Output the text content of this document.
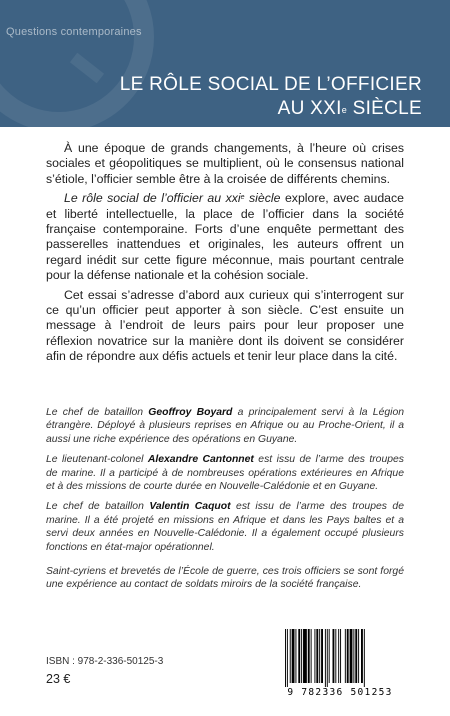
Questions contemporaines
LE RÔLE SOCIAL DE L’OFFICIER
AU XXIe SIÈCLE

À une époque de grands changements, à l’heure où crises sociales et géopolitiques se multiplient, où le consensus national s’étiole, l’officier semble être à la croisée de différents chemins.

Le rôle social de l’officier au xxi$^e$ siècle explore, avec audace et liberté intellectuelle, la place de l’officier dans la société française contemporaine. Forts d’une enquête permettant des passerelles inattendues et originales, les auteurs offrent un regard inédit sur cette figure méconnue, mais pourtant centrale pour la défense nationale et la cohésion sociale.

Cet essai s’adresse d’abord aux curieux qui s’interrogent sur ce qu’un officier peut apporter à son siècle. C’est ensuite un message à l’endroit de leurs pairs pour leur proposer une réflexion novatrice sur la manière dont ils doivent se considérer afin de répondre aux défis actuels et tenir leur place dans la cité.

Le chef de bataillon Geoffroy Boyard a principalement servi à la Légion étrangère. Déployé à plusieurs reprises en Afrique ou au Proche-Orient, il a aussi une riche expérience des opérations en Guyane.

Le lieutenant-colonel Alexandre Cantonnet est issu de l’arme des troupes de marine. Il a participé à de nombreuses opérations extérieures en Afrique et à des missions de courte durée en Nouvelle-Calédonie et en Guyane.

Le chef de bataillon Valentin Caquot est issu de l’arme des troupes de marine. Il a été projeté en missions en Afrique et dans les Pays baltes et a servi deux années en Nouvelle-Calédonie. Il a également occupé plusieurs fonctions en état-major opérationnel.

Saint-cyriens et brevetés de l’École de guerre, ces trois officiers se sont forgé une expérience au contact de soldats miroirs de la société française.

ISBN : 978-2-336-50125-3
23 €
9 782336 501253
